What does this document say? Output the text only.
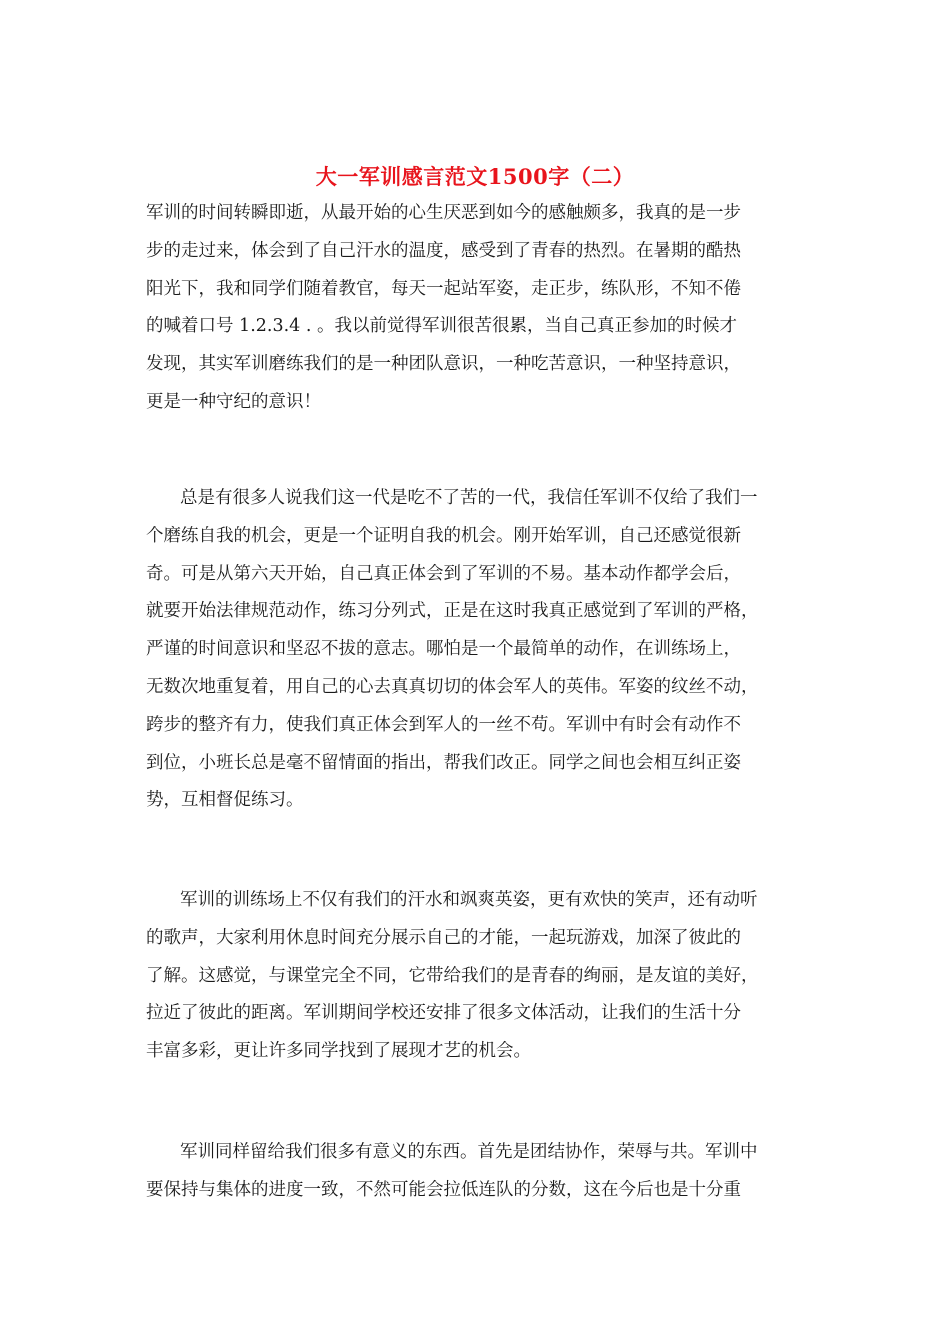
大一军训感言范文1500字（二）
军训的时间转瞬即逝，从最开始的心生厌恶到如今的感触颇多，我真的是一步
步的走过来，体会到了自己汗水的温度，感受到了青春的热烈。在暑期的酷热
阳光下，我和同学们随着教官，每天一起站军姿，走正步，练队形，不知不倦
的喊着口号 1.2.3.4 . 。我以前觉得军训很苦很累，当自己真正参加的时候才
发现，其实军训磨练我们的是一种团队意识，一种吃苦意识，一种坚持意识，
更是一种守纪的意识！
总是有很多人说我们这一代是吃不了苦的一代，我信任军训不仅给了我们一
个磨练自我的机会，更是一个证明自我的机会。刚开始军训，自己还感觉很新
奇。可是从第六天开始，自己真正体会到了军训的不易。基本动作都学会后，
就要开始法律规范动作，练习分列式，正是在这时我真正感觉到了军训的严格，
严谨的时间意识和坚忍不拔的意志。哪怕是一个最简单的动作，在训练场上，
无数次地重复着，用自己的心去真真切切的体会军人的英伟。军姿的纹丝不动，
跨步的整齐有力，使我们真正体会到军人的一丝不苟。军训中有时会有动作不
到位，小班长总是毫不留情面的指出，帮我们改正。同学之间也会相互纠正姿
势，互相督促练习。
军训的训练场上不仅有我们的汗水和飒爽英姿，更有欢快的笑声，还有动听
的歌声，大家利用休息时间充分展示自己的才能，一起玩游戏，加深了彼此的
了解。这感觉，与课堂完全不同，它带给我们的是青春的绚丽，是友谊的美好，
拉近了彼此的距离。军训期间学校还安排了很多文体活动，让我们的生活十分
丰富多彩，更让许多同学找到了展现才艺的机会。
军训同样留给我们很多有意义的东西。首先是团结协作，荣辱与共。军训中
要保持与集体的进度一致，不然可能会拉低连队的分数，这在今后也是十分重
